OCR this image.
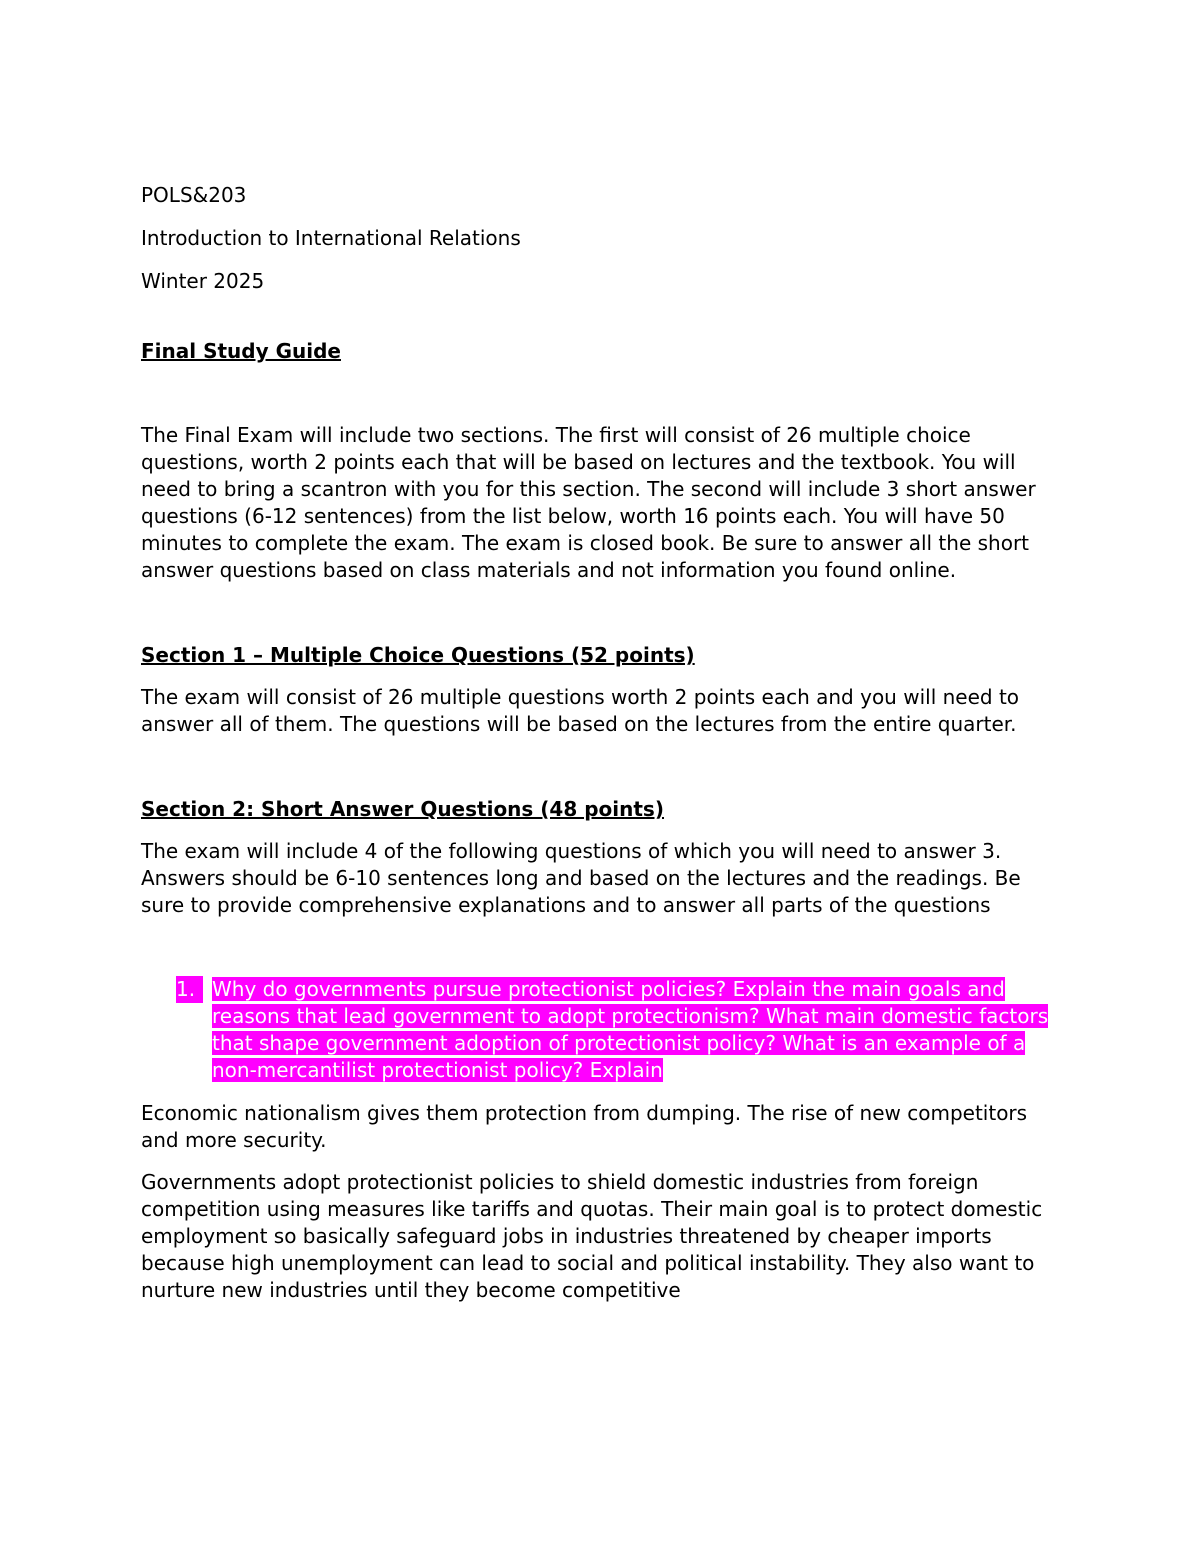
POLS&203

Introduction to International Relations

Winter 2025

Final Study Guide

The Final Exam will include two sections. The first will consist of 26 multiple choice questions, worth 2 points each that will be based on lectures and the textbook. You will need to bring a scantron with you for this section. The second will include 3 short answer questions (6-12 sentences) from the list below, worth 16 points each. You will have 50 minutes to complete the exam. The exam is closed book. Be sure to answer all the short answer questions based on class materials and not information you found online.

Section 1 – Multiple Choice Questions (52 points)

The exam will consist of 26 multiple questions worth 2 points each and you will need to answer all of them. The questions will be based on the lectures from the entire quarter.

Section 2: Short Answer Questions (48 points)

The exam will include 4 of the following questions of which you will need to answer 3. Answers should be 6-10 sentences long and based on the lectures and the readings. Be sure to provide comprehensive explanations and to answer all parts of the questions

1. Why do governments pursue protectionist policies? Explain the main goals and reasons that lead government to adopt protectionism? What main domestic factors that shape government adoption of protectionist policy? What is an example of a non-mercantilist protectionist policy? Explain

Economic nationalism gives them protection from dumping. The rise of new competitors and more security.

Governments adopt protectionist policies to shield domestic industries from foreign competition using measures like tariffs and quotas. Their main goal is to protect domestic employment so basically safeguard jobs in industries threatened by cheaper imports because high unemployment can lead to social and political instability. They also want to nurture new industries until they become competitive
